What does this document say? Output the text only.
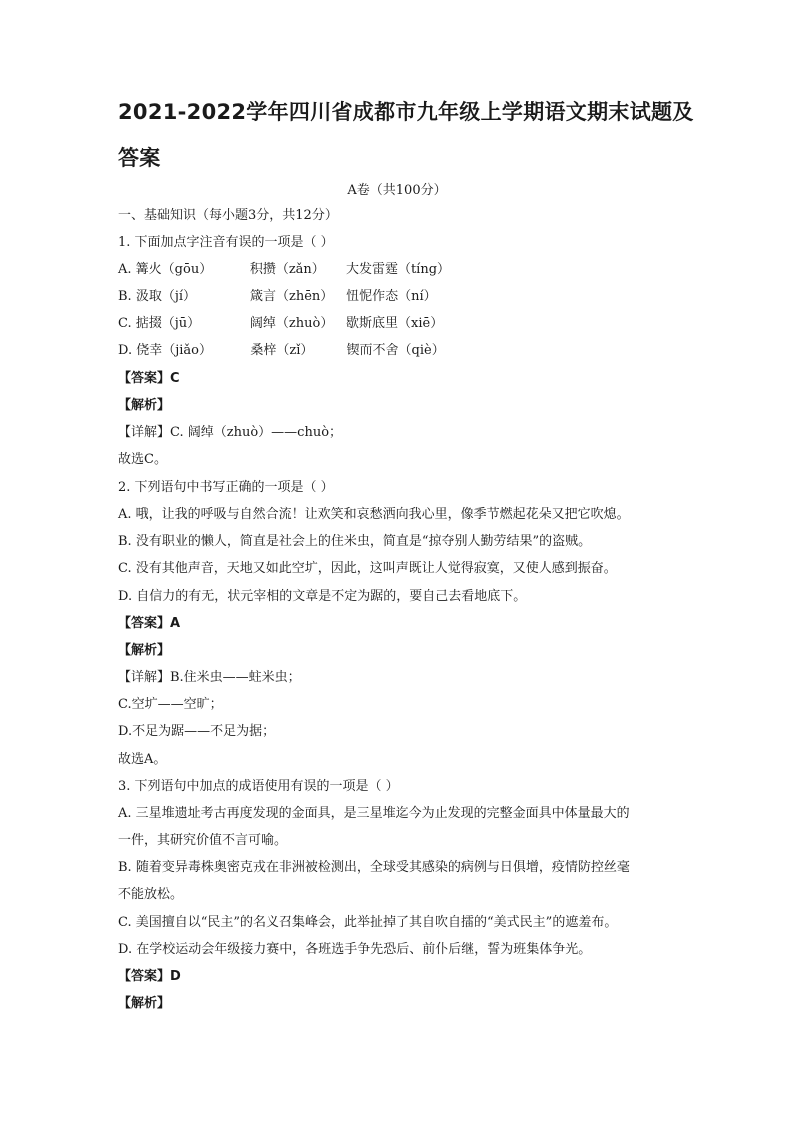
2021-2022学年四川省成都市九年级上学期语文期末试题及
答案
A卷（共100分）
一、基础知识（每小题3分，共12分）
1. 下面加点字注音有误的一项是（ ）
A. 篝火（gōu）	积攒（zǎn） 大发雷霆（tíng）
B. 汲取（jí）	箴言（zhēn） 忸怩作态（ní）
C. 掂掇（jū）	阔绰（zhuò） 歇斯底里（xiē）
D. 侥幸（jiǎo）	桑梓（zǐ）	锲而不舍（qiè）
【答案】C
【解析】
【详解】C. 阔绰（zhuò）——chuò；
故选C。
2. 下列语句中书写正确的一项是（ ）
A. 哦，让我的呼吸与自然合流！让欢笑和哀愁洒向我心里，像季节燃起花朵又把它吹熄。
B. 没有职业的懒人，简直是社会上的住米虫，简直是“掠夺别人勤劳结果”的盗贼。
C. 没有其他声音，天地又如此空圹，因此，这叫声既让人觉得寂寞，又使人感到振奋。
D. 自信力的有无，状元宰相的文章是不定为踞的，要自己去看地底下。
【答案】A
【解析】
【详解】B.住米虫——蛀米虫；
C.空圹——空旷；
D.不足为踞——不足为据；
故选A。
3. 下列语句中加点的成语使用有误的一项是（ ）
A. 三星堆遗址考古再度发现的金面具，是三星堆迄今为止发现的完整金面具中体量最大的
一件，其研究价值不言可喻。
B. 随着变异毒株奥密克戎在非洲被检测出，全球受其感染的病例与日俱增，疫情防控丝毫
不能放松。
C. 美国擅自以“民主”的名义召集峰会，此举扯掉了其自吹自擂的“美式民主”的遮羞布。
D. 在学校运动会年级接力赛中，各班选手争先恐后、前仆后继，誓为班集体争光。
【答案】D
【解析】
